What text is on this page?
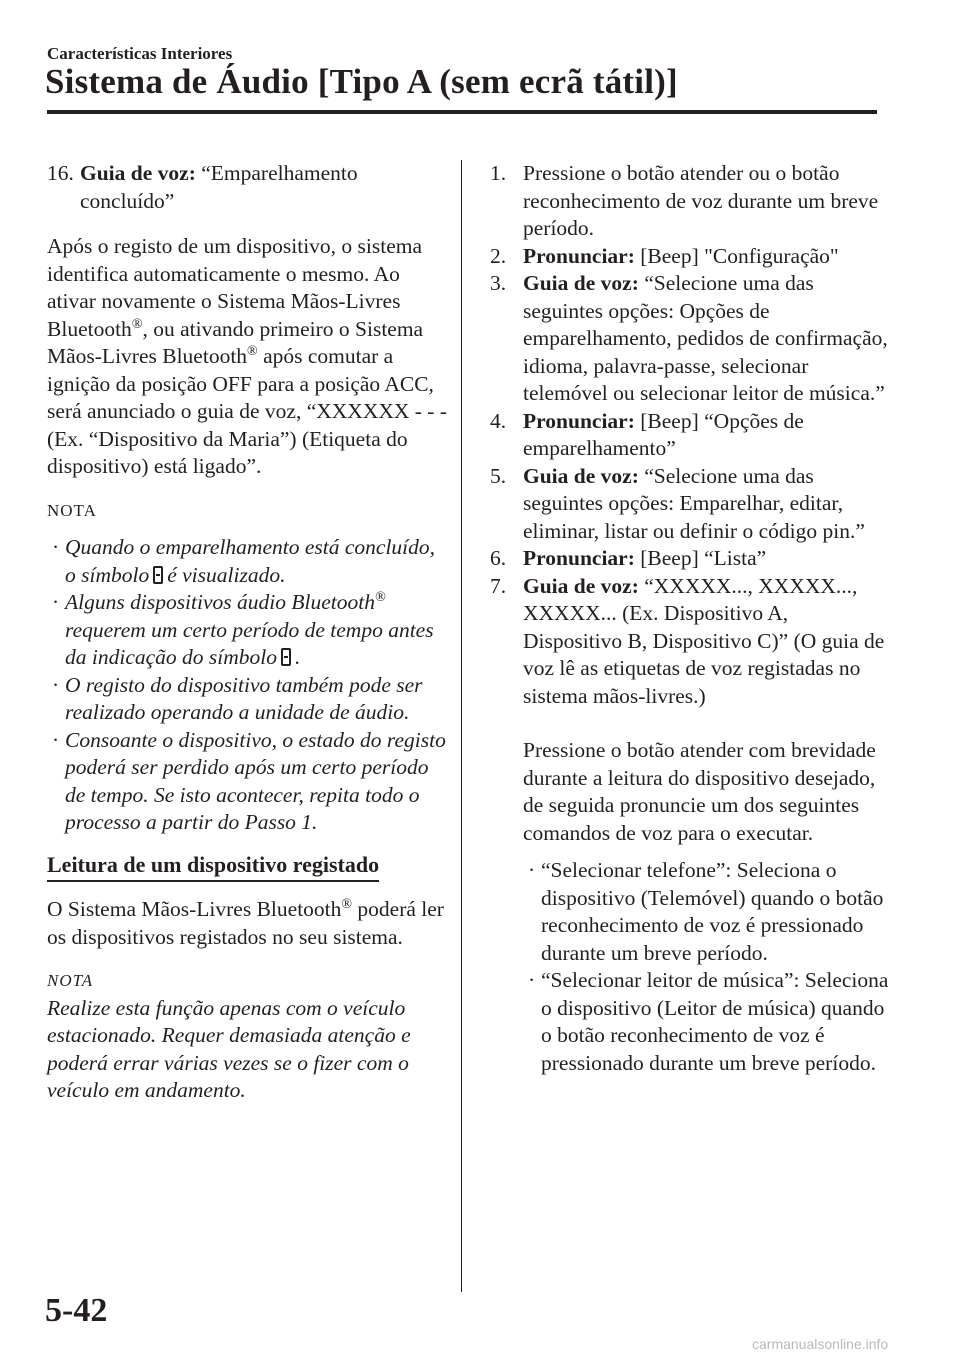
Características Interiores
Sistema de Áudio [Tipo A (sem ecrã tátil)]
16. Guia de voz: “Emparelhamento concluído”

Após o registo de um dispositivo, o sistema identifica automaticamente o mesmo. Ao ativar novamente o Sistema Mãos-Livres Bluetooth®, ou ativando primeiro o Sistema Mãos-Livres Bluetooth® após comutar a ignição da posição OFF para a posição ACC, será anunciado o guia de voz, “XXXXXX - - - (Ex. “Dispositivo da Maria”) (Etiqueta do dispositivo) está ligado”.

NOTA
· Quando o emparelhamento está concluído, o símbolo é visualizado.
· Alguns dispositivos áudio Bluetooth® requerem um certo período de tempo antes da indicação do símbolo .
· O registo do dispositivo também pode ser realizado operando a unidade de áudio.
· Consoante o dispositivo, o estado do registo poderá ser perdido após um certo período de tempo. Se isto acontecer, repita todo o processo a partir do Passo 1.
Leitura de um dispositivo registado

O Sistema Mãos-Livres Bluetooth® poderá ler os dispositivos registados no seu sistema.

NOTA

Realize esta função apenas com o veículo estacionado. Requer demasiada atenção e poderá errar várias vezes se o fizer com o veículo em andamento.

1. Pressione o botão atender ou o botão reconhecimento de voz durante um breve período.
2. Pronunciar: [Beep] "Configuração"
3. Guia de voz: “Selecione uma das seguintes opções: Opções de emparelhamento, pedidos de confirmação, idioma, palavra-passe, selecionar telemóvel ou selecionar leitor de música.”
4. Pronunciar: [Beep] “Opções de emparelhamento”
5. Guia de voz: “Selecione uma das seguintes opções: Emparelhar, editar, eliminar, listar ou definir o código pin.”
6. Pronunciar: [Beep] “Lista”
7. Guia de voz: “XXXXX..., XXXXX..., XXXXX... (Ex. Dispositivo A, Dispositivo B, Dispositivo C)” (O guia de voz lê as etiquetas de voz registadas no sistema mãos-livres.)

Pressione o botão atender com brevidade durante a leitura do dispositivo desejado, de seguida pronuncie um dos seguintes comandos de voz para o executar.

· “Selecionar telefone”: Seleciona o dispositivo (Telemóvel) quando o botão reconhecimento de voz é pressionado durante um breve período.
· “Selecionar leitor de música”: Seleciona o dispositivo (Leitor de música) quando o botão reconhecimento de voz é pressionado durante um breve período.
5-42
carmanualsonline.info
